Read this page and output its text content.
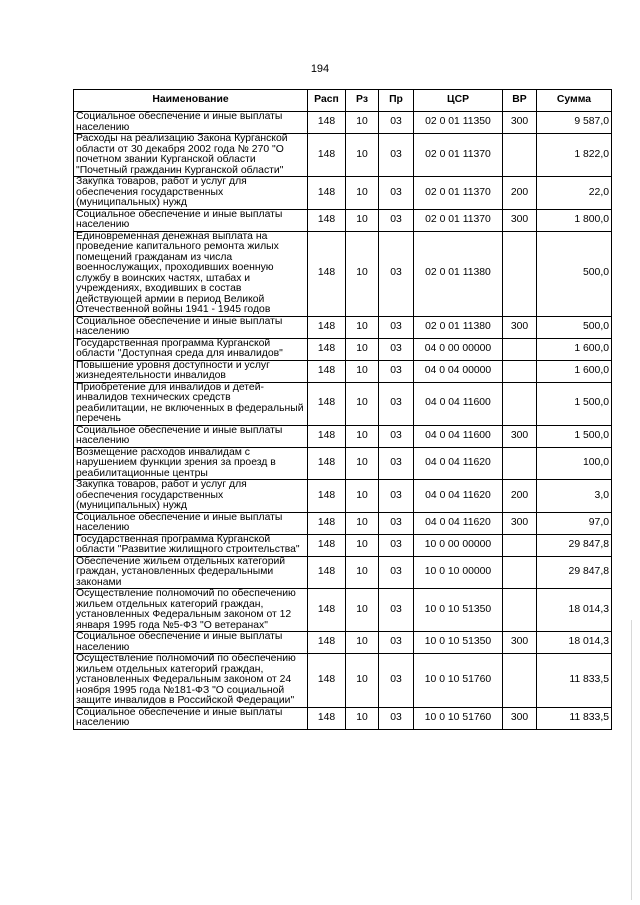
194
Наименование	Расп	Рз	Пр	ЦСР	ВР	Сумма
Социальное обеспечение и иные выплаты населению	148	10	03	02 0 01 11350	300	9 587,0
Расходы на реализацию Закона Курганской области от 30 декабря 2002 года № 270 "О почетном звании Курганской области "Почетный гражданин Курганской области"	148	10	03	02 0 01 11370		1 822,0
Закупка товаров, работ и услуг для обеспечения государственных (муниципальных) нужд	148	10	03	02 0 01 11370	200	22,0
Социальное обеспечение и иные выплаты населению	148	10	03	02 0 01 11370	300	1 800,0
Единовременная денежная выплата на проведение капитального ремонта жилых помещений гражданам из числа военнослужащих, проходивших военную службу в воинских частях, штабах и учреждениях, входивших в состав действующей армии в период Великой Отечественной войны 1941 - 1945 годов	148	10	03	02 0 01 11380		500,0
Социальное обеспечение и иные выплаты населению	148	10	03	02 0 01 11380	300	500,0
Государственная программа Курганской области "Доступная среда для инвалидов"	148	10	03	04 0 00 00000		1 600,0
Повышение уровня доступности и услуг жизнедеятельности инвалидов	148	10	03	04 0 04 00000		1 600,0
Приобретение для инвалидов и детей-инвалидов технических средств реабилитации, не включенных в федеральный перечень	148	10	03	04 0 04 11600		1 500,0
Социальное обеспечение и иные выплаты населению	148	10	03	04 0 04 11600	300	1 500,0
Возмещение расходов инвалидам с нарушением функции зрения за проезд в реабилитационные центры	148	10	03	04 0 04 11620		100,0
Закупка товаров, работ и услуг для обеспечения государственных (муниципальных) нужд	148	10	03	04 0 04 11620	200	3,0
Социальное обеспечение и иные выплаты населению	148	10	03	04 0 04 11620	300	97,0
Государственная программа Курганской области "Развитие жилищного строительства"	148	10	03	10 0 00 00000		29 847,8
Обеспечение жильем отдельных категорий граждан, установленных федеральными законами	148	10	03	10 0 10 00000		29 847,8
Осуществление полномочий по обеспечению жильем отдельных категорий граждан, установленных Федеральным законом от 12 января 1995 года №5-ФЗ "О ветеранах"	148	10	03	10 0 10 51350		18 014,3
Социальное обеспечение и иные выплаты населению	148	10	03	10 0 10 51350	300	18 014,3
Осуществление полномочий по обеспечению жильем отдельных категорий граждан, установленных Федеральным законом от 24 ноября 1995 года №181-ФЗ "О социальной защите инвалидов в Российской Федерации"	148	10	03	10 0 10 51760		11 833,5
Социальное обеспечение и иные выплаты населению	148	10	03	10 0 10 51760	300	11 833,5
